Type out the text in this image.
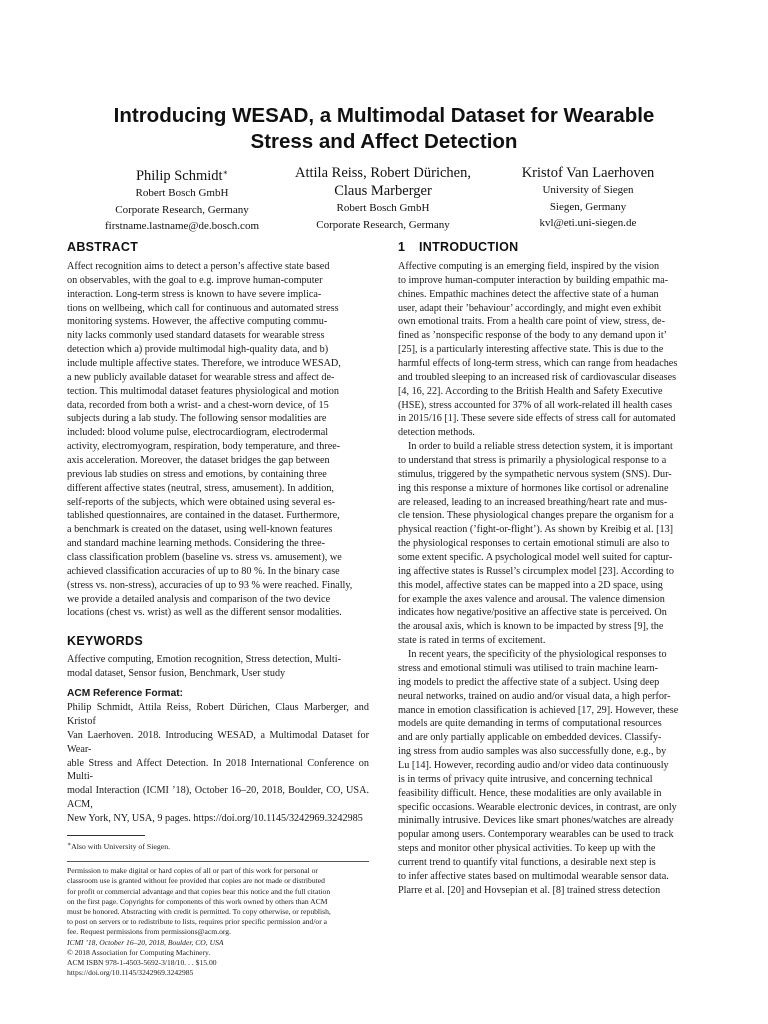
Introducing WESAD, a Multimodal Dataset for Wearable
Stress and Affect Detection
Philip Schmidt∗
Robert Bosch GmbH
Corporate Research, Germany
firstname.lastname@de.bosch.com
Attila Reiss, Robert Dürichen,
Claus Marberger
Robert Bosch GmbH
Corporate Research, Germany
Kristof Van Laerhoven
University of Siegen
Siegen, Germany
kvl@eti.uni-siegen.de
ABSTRACT

Affect recognition aims to detect a person’s affective state based

on observables, with the goal to e.g. improve human-computer

interaction. Long-term stress is known to have severe implica-

tions on wellbeing, which call for continuous and automated stress

monitoring systems. However, the affective computing commu-

nity lacks commonly used standard datasets for wearable stress

detection which a) provide multimodal high-quality data, and b)

include multiple affective states. Therefore, we introduce WESAD,

a new publicly available dataset for wearable stress and affect de-

tection. This multimodal dataset features physiological and motion

data, recorded from both a wrist- and a chest-worn device, of 15

subjects during a lab study. The following sensor modalities are

included: blood volume pulse, electrocardiogram, electrodermal

activity, electromyogram, respiration, body temperature, and three-

axis acceleration. Moreover, the dataset bridges the gap between

previous lab studies on stress and emotions, by containing three

different affective states (neutral, stress, amusement). In addition,

self-reports of the subjects, which were obtained using several es-

tablished questionnaires, are contained in the dataset. Furthermore,

a benchmark is created on the dataset, using well-known features

and standard machine learning methods. Considering the three-

class classification problem (baseline vs. stress vs. amusement), we

achieved classification accuracies of up to 80 %. In the binary case

(stress vs. non-stress), accuracies of up to 93 % were reached. Finally,

we provide a detailed analysis and comparison of the two device

locations (chest vs. wrist) as well as the different sensor modalities.

KEYWORDS

Affective computing, Emotion recognition, Stress detection, Multi-

modal dataset, Sensor fusion, Benchmark, User study

ACM Reference Format:

Philip Schmidt, Attila Reiss, Robert Dürichen, Claus Marberger, and Kristof

Van Laerhoven. 2018. Introducing WESAD, a Multimodal Dataset for Wear-

able Stress and Affect Detection. In 2018 International Conference on Multi-

modal Interaction (ICMI ’18), October 16–20, 2018, Boulder, CO, USA. ACM,

New York, NY, USA, 9 pages. https://doi.org/10.1145/3242969.3242985

∗Also with University of Siegen.

Permission to make digital or hard copies of all or part of this work for personal or

classroom use is granted without fee provided that copies are not made or distributed

for profit or commercial advantage and that copies bear this notice and the full citation

on the first page. Copyrights for components of this work owned by others than ACM

must be honored. Abstracting with credit is permitted. To copy otherwise, or republish,

to post on servers or to redistribute to lists, requires prior specific permission and/or a

fee. Request permissions from permissions@acm.org.

ICMI ’18, October 16–20, 2018, Boulder, CO, USA

© 2018 Association for Computing Machinery.

ACM ISBN 978-1-4503-5692-3/18/10. . . $15.00

https://doi.org/10.1145/3242969.3242985

1 INTRODUCTION

Affective computing is an emerging field, inspired by the vision

to improve human-computer interaction by building empathic ma-

chines. Empathic machines detect the affective state of a human

user, adapt their ’behaviour’ accordingly, and might even exhibit

own emotional traits. From a health care point of view, stress, de-

fined as ’nonspecific response of the body to any demand upon it’

[25], is a particularly interesting affective state. This is due to the

harmful effects of long-term stress, which can range from headaches

and troubled sleeping to an increased risk of cardiovascular diseases

[4, 16, 22]. According to the British Health and Safety Executive

(HSE), stress accounted for 37% of all work-related ill health cases

in 2015/16 [1]. These severe side effects of stress call for automated

detection methods.

In order to build a reliable stress detection system, it is important

to understand that stress is primarily a physiological response to a

stimulus, triggered by the sympathetic nervous system (SNS). Dur-

ing this response a mixture of hormones like cortisol or adrenaline

are released, leading to an increased breathing/heart rate and mus-

cle tension. These physiological changes prepare the organism for a

physical reaction (’fight-or-flight’). As shown by Kreibig et al. [13]

the physiological responses to certain emotional stimuli are also to

some extent specific. A psychological model well suited for captur-

ing affective states is Russel’s circumplex model [23]. According to

this model, affective states can be mapped into a 2D space, using

for example the axes valence and arousal. The valence dimension

indicates how negative/positive an affective state is perceived. On

the arousal axis, which is known to be impacted by stress [9], the

state is rated in terms of excitement.

In recent years, the specificity of the physiological responses to

stress and emotional stimuli was utilised to train machine learn-

ing models to predict the affective state of a subject. Using deep

neural networks, trained on audio and/or visual data, a high perfor-

mance in emotion classification is achieved [17, 29]. However, these

models are quite demanding in terms of computational resources

and are only partially applicable on embedded devices. Classify-

ing stress from audio samples was also successfully done, e.g., by

Lu [14]. However, recording audio and/or video data continuously

is in terms of privacy quite intrusive, and concerning technical

feasibility difficult. Hence, these modalities are only available in

specific occasions. Wearable electronic devices, in contrast, are only

minimally intrusive. Devices like smart phones/watches are already

popular among users. Contemporary wearables can be used to track

steps and monitor other physical activities. To keep up with the

current trend to quantify vital functions, a desirable next step is

to infer affective states based on multimodal wearable sensor data.

Plarre et al. [20] and Hovsepian et al. [8] trained stress detection
